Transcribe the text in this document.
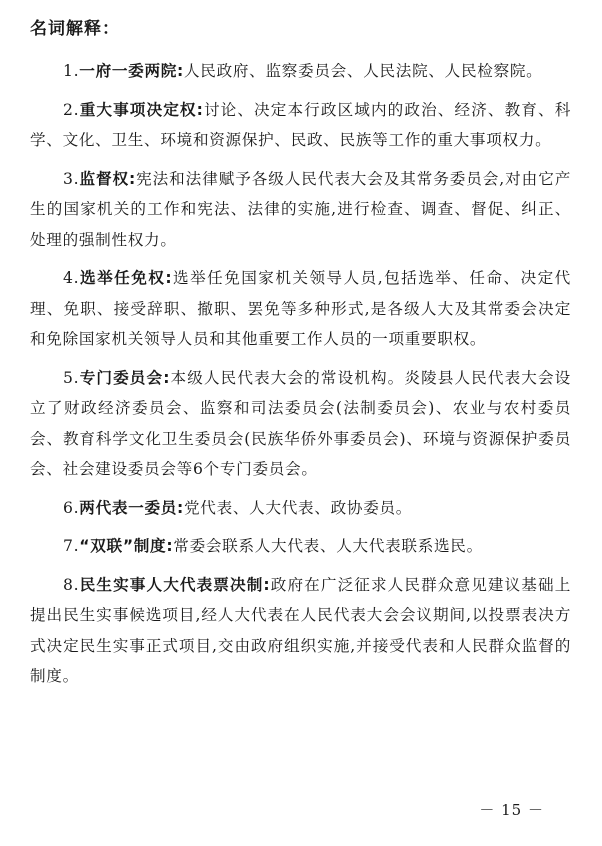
名词解释：

1.一府一委两院:人民政府、监察委员会、人民法院、人民检察院。

2.重大事项决定权:讨论、决定本行政区域内的政治、经济、教育、科学、文化、卫生、环境和资源保护、民政、民族等工作的重大事项权力。

3.监督权:宪法和法律赋予各级人民代表大会及其常务委员会,对由它产生的国家机关的工作和宪法、法律的实施,进行检查、调查、督促、纠正、处理的强制性权力。

4.选举任免权:选举任免国家机关领导人员,包括选举、任命、决定代理、免职、接受辞职、撤职、罢免等多种形式,是各级人大及其常委会决定和免除国家机关领导人员和其他重要工作人员的一项重要职权。

5.专门委员会:本级人民代表大会的常设机构。炎陵县人民代表大会设立了财政经济委员会、监察和司法委员会(法制委员会)、农业与农村委员会、教育科学文化卫生委员会(民族华侨外事委员会)、环境与资源保护委员会、社会建设委员会等6个专门委员会。

6.两代表一委员:党代表、人大代表、政协委员。

7.“双联”制度:常委会联系人大代表、人大代表联系选民。

8.民生实事人大代表票决制:政府在广泛征求人民群众意见建议基础上提出民生实事候选项目,经人大代表在人民代表大会会议期间,以投票表决方式决定民生实事正式项目,交由政府组织实施,并接受代表和人民群众监督的制度。

－ 15 －
